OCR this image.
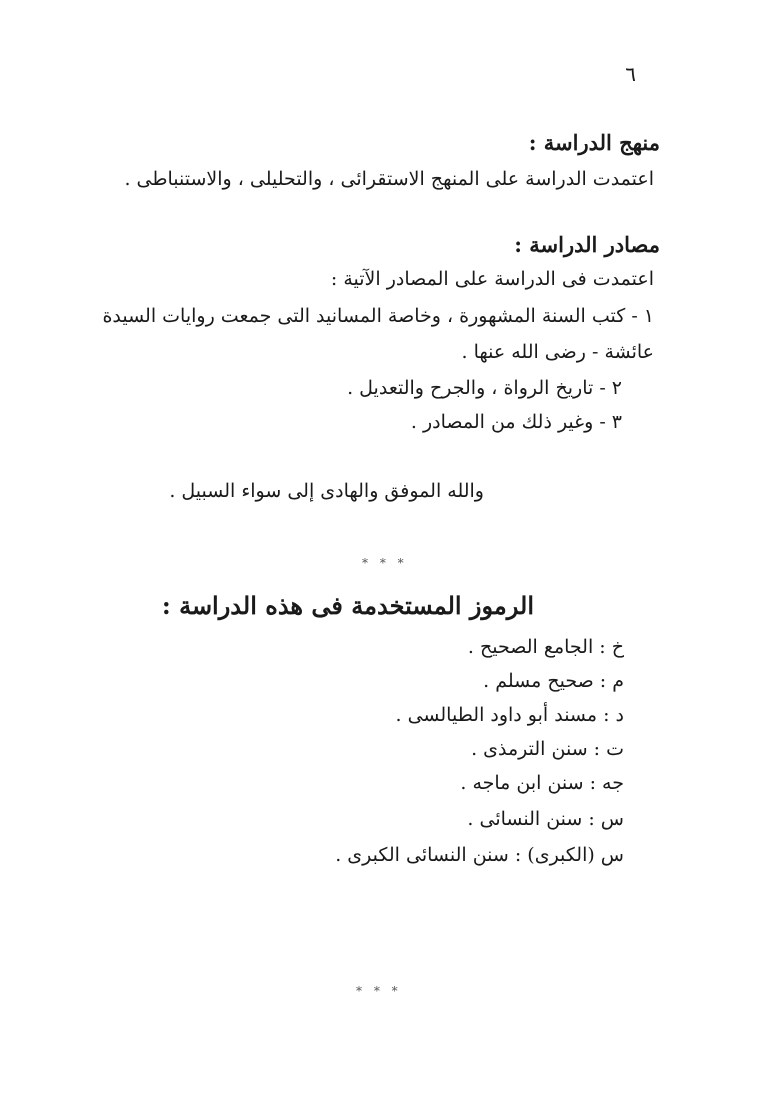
٦
منهج الدراسة :
اعتمدت الدراسة على المنهج الاستقرائى ، والتحليلى ، والاستنباطى .
مصادر الدراسة :
اعتمدت فى الدراسة على المصادر الآتية :
١ - كتب السنة المشهورة ، وخاصة المسانيد التى جمعت روايات السيدة
عائشة - رضى الله عنها .
٢ - تاريخ الرواة ، والجرح والتعديل .
٣ - وغير ذلك من المصادر .
والله الموفق والهادى إلى سواء السبيل .
* * *
الرموز المستخدمة فى هذه الدراسة :
خ : الجامع الصحيح .
م : صحيح مسلم .
د : مسند أبو داود الطيالسى .
ت : سنن الترمذى .
جه : سنن ابن ماجه .
س : سنن النسائى .
س (الكبرى) : سنن النسائى الكبرى .
* * *
